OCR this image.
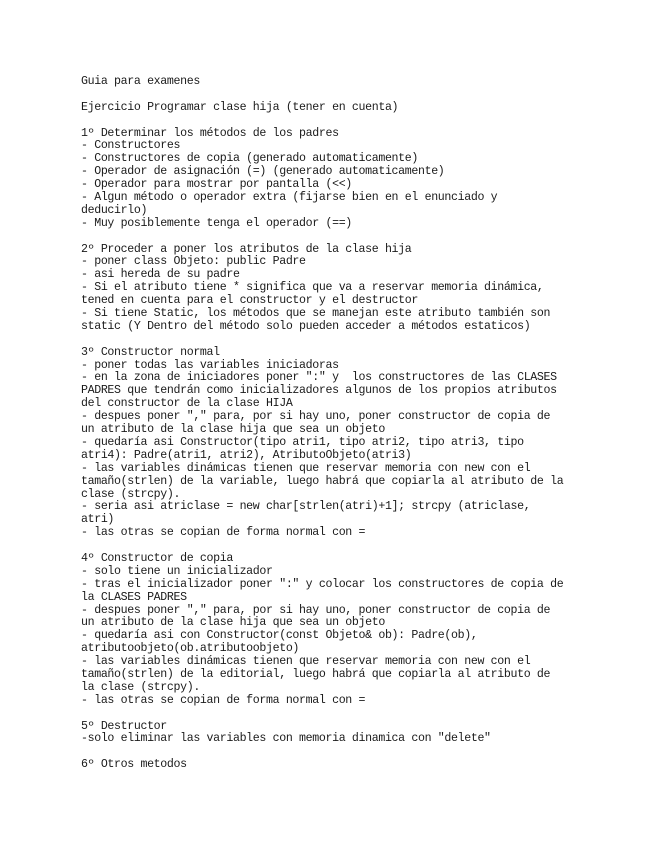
Guia para examenes
Ejercicio Programar clase hija (tener en cuenta)
1º Determinar los métodos de los padres
- Constructores
- Constructores de copia (generado automaticamente)
- Operador de asignación (=) (generado automaticamente)
- Operador para mostrar por pantalla (<<)
- Algun método o operador extra (fijarse bien en el enunciado y
deducirlo)
- Muy posiblemente tenga el operador (==)
2º Proceder a poner los atributos de la clase hija
- poner class Objeto: public Padre
- asi hereda de su padre
- Si el atributo tiene * significa que va a reservar memoria dinámica,
tened en cuenta para el constructor y el destructor
- Si tiene Static, los métodos que se manejan este atributo también son
static (Y Dentro del método solo pueden acceder a métodos estaticos)
3º Constructor normal
- poner todas las variables iniciadoras
- en la zona de iniciadores poner ":" y  los constructores de las CLASES
PADRES que tendrán como inicializadores algunos de los propios atributos
del constructor de la clase HIJA
- despues poner "," para, por si hay uno, poner constructor de copia de
un atributo de la clase hija que sea un objeto
- quedaría asi Constructor(tipo atri1, tipo atri2, tipo atri3, tipo
atri4): Padre(atri1, atri2), AtributoObjeto(atri3)
- las variables dinámicas tienen que reservar memoria con new con el
tamaño(strlen) de la variable, luego habrá que copiarla al atributo de la
clase (strcpy).
- seria asi atriclase = new char[strlen(atri)+1]; strcpy (atriclase,
atri)
- las otras se copian de forma normal con =
4º Constructor de copia
- solo tiene un inicializador
- tras el inicializador poner ":" y colocar los constructores de copia de
la CLASES PADRES
- despues poner "," para, por si hay uno, poner constructor de copia de
un atributo de la clase hija que sea un objeto
- quedaría asi con Constructor(const Objeto& ob): Padre(ob),
atributoobjeto(ob.atributoobjeto)
- las variables dinámicas tienen que reservar memoria con new con el
tamaño(strlen) de la editorial, luego habrá que copiarla al atributo de
la clase (strcpy).
- las otras se copian de forma normal con =
5º Destructor
-solo eliminar las variables con memoria dinamica con "delete"
6º Otros metodos
